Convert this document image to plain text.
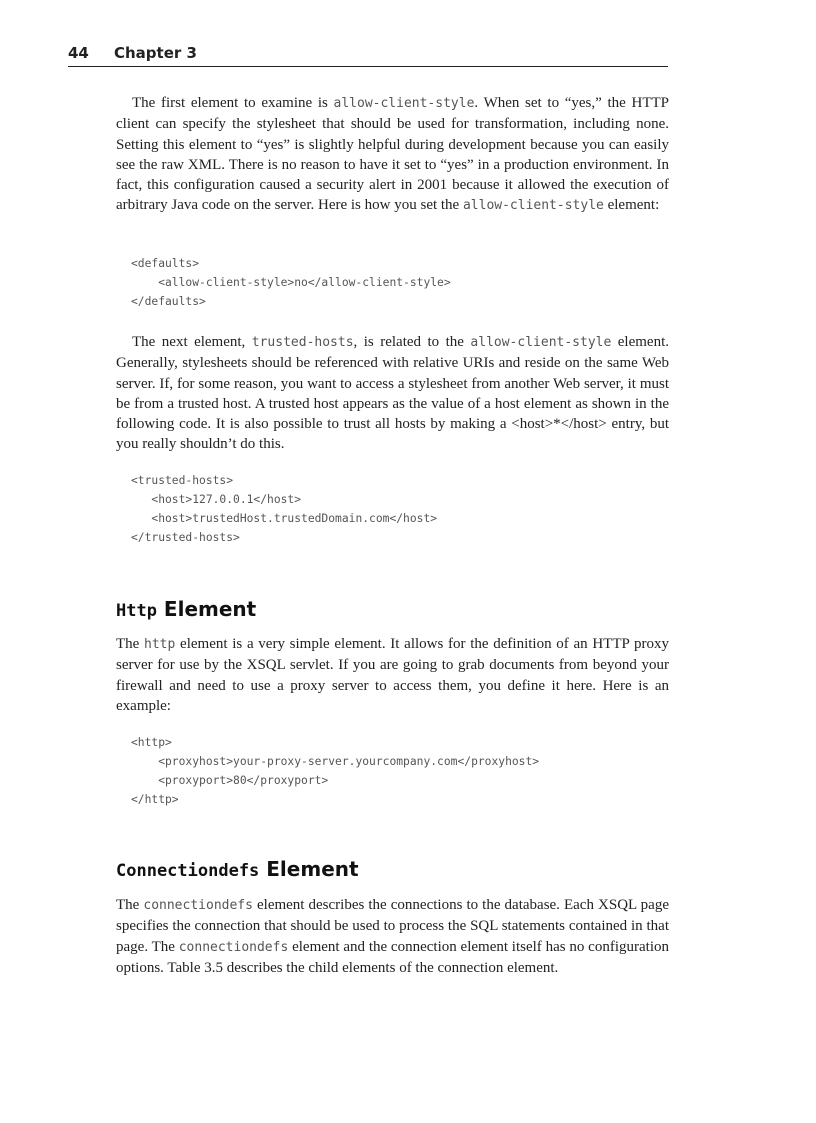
44 Chapter 3

The first element to examine is allow-client-style. When set to “yes,” the HTTP client can specify the stylesheet that should be used for transformation, including none. Setting this element to “yes” is slightly helpful during development because you can easily see the raw XML. There is no reason to have it set to “yes” in a production environment. In fact, this configuration caused a security alert in 2001 because it allowed the execution of arbitrary Java code on the server. Here is how you set the allow-client-style element:

<defaults>
<allow-client-style>no</allow-client-style>
</defaults>

The next element, trusted-hosts, is related to the allow-client-style element. Generally, stylesheets should be referenced with relative URIs and reside on the same Web server. If, for some reason, you want to access a stylesheet from another Web server, it must be from a trusted host. A trusted host appears as the value of a host element as shown in the following code. It is also possible to trust all hosts by making a <host>*</host> entry, but you really shouldn’t do this.

<trusted-hosts>
<host>127.0.0.1</host>
<host>trustedHost.trustedDomain.com</host>
</trusted-hosts>
Http Element

The http element is a very simple element. It allows for the definition of an HTTP proxy server for use by the XSQL servlet. If you are going to grab documents from beyond your firewall and need to use a proxy server to access them, you define it here. Here is an example:

<http>
<proxyhost>your-proxy-server.yourcompany.com</proxyhost>
<proxyport>80</proxyport>
</http>
Connectiondefs Element

The connectiondefs element describes the connections to the database. Each XSQL page specifies the connection that should be used to process the SQL statements contained in that page. The connectiondefs element and the connection element itself has no configuration options. Table 3.5 describes the child elements of the connection element.
